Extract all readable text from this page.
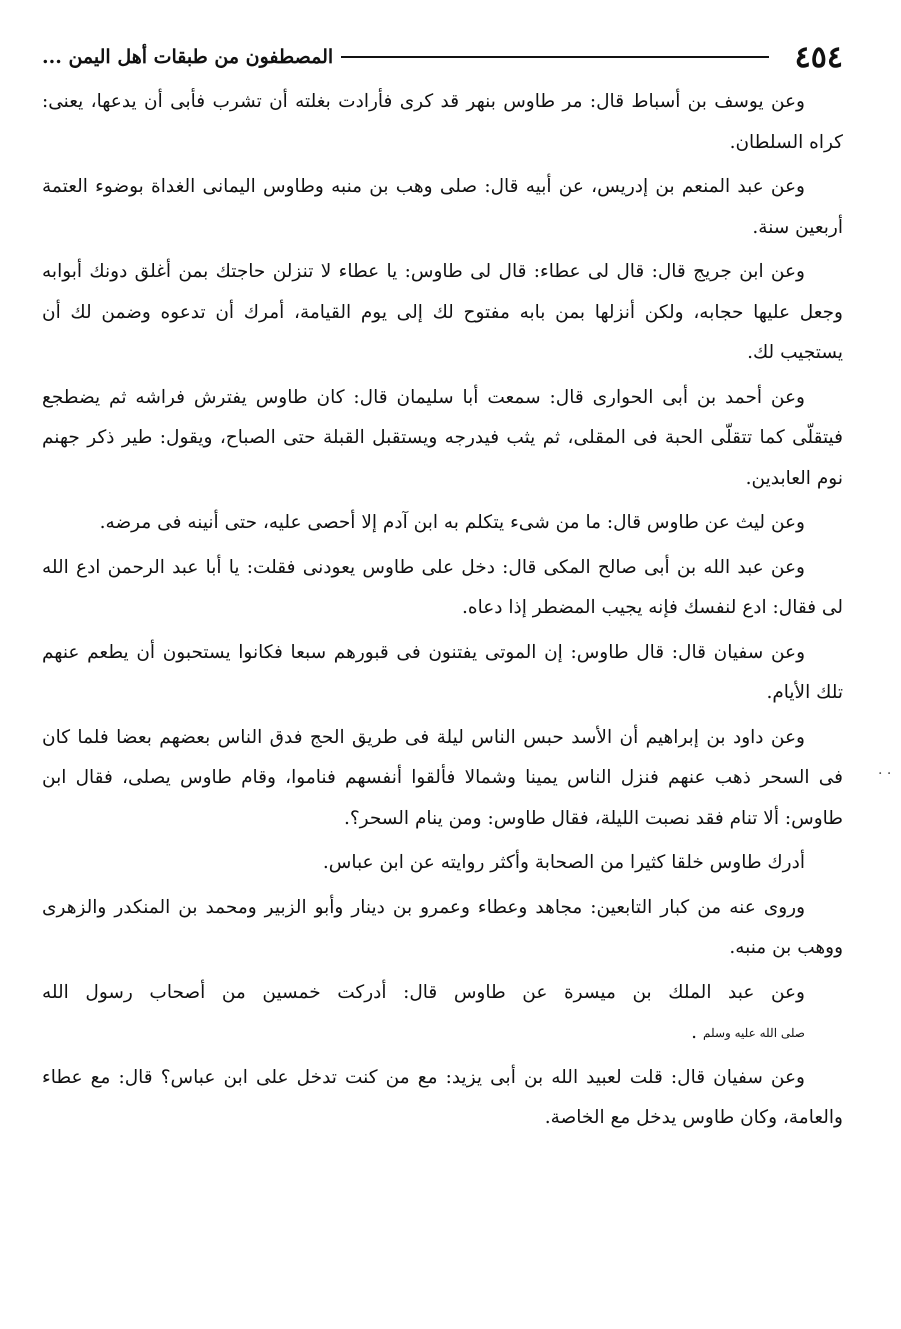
٤٥٤
المصطفون من طبقات أهل اليمن ...

وعن يوسف بن أسباط قال: مر طاوس بنهر قد كرى فأرادت بغلته أن تشرب فأبى أن يدعها، يعنى: كراه السلطان.

وعن عبد المنعم بن إدريس، عن أبيه قال: صلى وهب بن منبه وطاوس اليمانى الغداة بوضوء العتمة أربعين سنة.

وعن ابن جريج قال: قال لى عطاء: قال لى طاوس: يا عطاء لا تنزلن حاجتك بمن أغلق دونك أبوابه وجعل عليها حجابه، ولكن أنزلها بمن بابه مفتوح لك إلى يوم القيامة، أمرك أن تدعوه وضمن لك أن يستجيب لك.

وعن أحمد بن أبى الحوارى قال: سمعت أبا سليمان قال: كان طاوس يفترش فراشه ثم يضطجع فيتقلّى كما تتقلّى الحبة فى المقلى، ثم يثب فيدرجه ويستقبل القبلة حتى الصباح، ويقول: طير ذكر جهنم نوم العابدين.

وعن ليث عن طاوس قال: ما من شىء يتكلم به ابن آدم إلا أحصى عليه، حتى أنينه فى مرضه.

وعن عبد الله بن أبى صالح المكى قال: دخل على طاوس يعودنى فقلت: يا أبا عبد الرحمن ادع الله لى فقال: ادع لنفسك فإنه يجيب المضطر إذا دعاه.

وعن سفيان قال: قال طاوس: إن الموتى يفتنون فى قبورهم سبعا فكانوا يستحبون أن يطعم عنهم تلك الأيام.

وعن داود بن إبراهيم أن الأسد حبس الناس ليلة فى طريق الحج فدق الناس بعضهم بعضا فلما كان فى السحر ذهب عنهم فنزل الناس يمينا وشمالا فألقوا أنفسهم فناموا، وقام طاوس يصلى، فقال ابن طاوس: ألا تنام فقد نصبت الليلة، فقال طاوس: ومن ينام السحر؟.

أدرك طاوس خلقا كثيرا من الصحابة وأكثر روايته عن ابن عباس.

وروى عنه من كبار التابعين: مجاهد وعطاء وعمرو بن دينار وأبو الزبير ومحمد بن المنكدر والزهرى ووهب بن منبه.

وعن عبد الملك بن ميسرة عن طاوس قال: أدركت خمسين من أصحاب رسول الله صلى الله عليه وسلم.

وعن سفيان قال: قلت لعبيد الله بن أبى يزيد: مع من كنت تدخل على ابن عباس؟ قال: مع عطاء والعامة، وكان طاوس يدخل مع الخاصة.

. .
